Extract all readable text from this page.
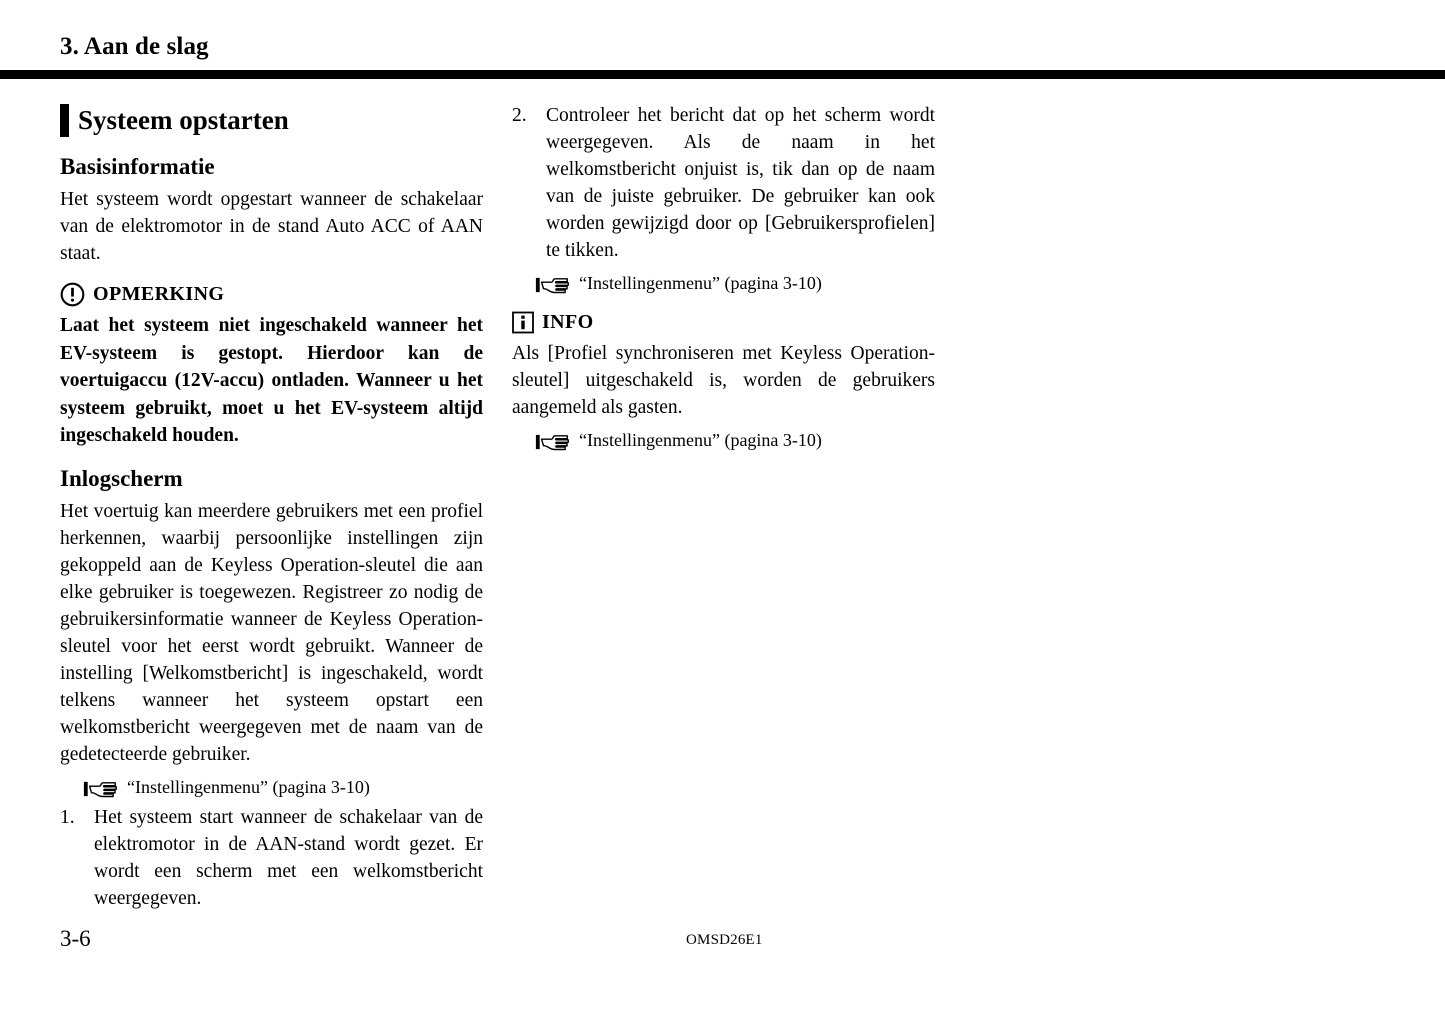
3. Aan de slag
Systeem opstarten
Basisinformatie

Het systeem wordt opgestart wanneer de schakelaar van de elektromotor in de stand Auto ACC of AAN staat.

OPMERKING

Laat het systeem niet ingeschakeld wanneer het EV-systeem is gestopt. Hierdoor kan de voertuigaccu (12V-accu) ontladen. Wanneer u het systeem gebruikt, moet u het EV-systeem altijd ingeschakeld houden.

Inlogscherm

Het voertuig kan meerdere gebruikers met een profiel herkennen, waarbij persoonlijke instellingen zijn gekoppeld aan de Keyless Operation-sleutel die aan elke gebruiker is toegewezen. Registreer zo nodig de gebruikersinformatie wanneer de Keyless Operation-sleutel voor het eerst wordt gebruikt. Wanneer de instelling [Welkomstbericht] is ingeschakeld, wordt telkens wanneer het systeem opstart een welkomstbericht weergegeven met de naam van de gedetecteerde gebruiker.

“Instellingenmenu” (pagina 3-10)
1. Het systeem start wanneer de schakelaar van de elektromotor in de AAN-stand wordt gezet. Er wordt een scherm met een welkomstbericht weergegeven.
2. Controleer het bericht dat op het scherm wordt weergegeven. Als de naam in het welkomstbericht onjuist is, tik dan op de naam van de juiste gebruiker. De gebruiker kan ook worden gewijzigd door op [Gebruikersprofielen] te tikken.
“Instellingenmenu” (pagina 3-10)
INFO

Als [Profiel synchroniseren met Keyless Operation-sleutel] uitgeschakeld is, worden de gebruikers aangemeld als gasten.

“Instellingenmenu” (pagina 3-10)
3-6	OMSD26E1
